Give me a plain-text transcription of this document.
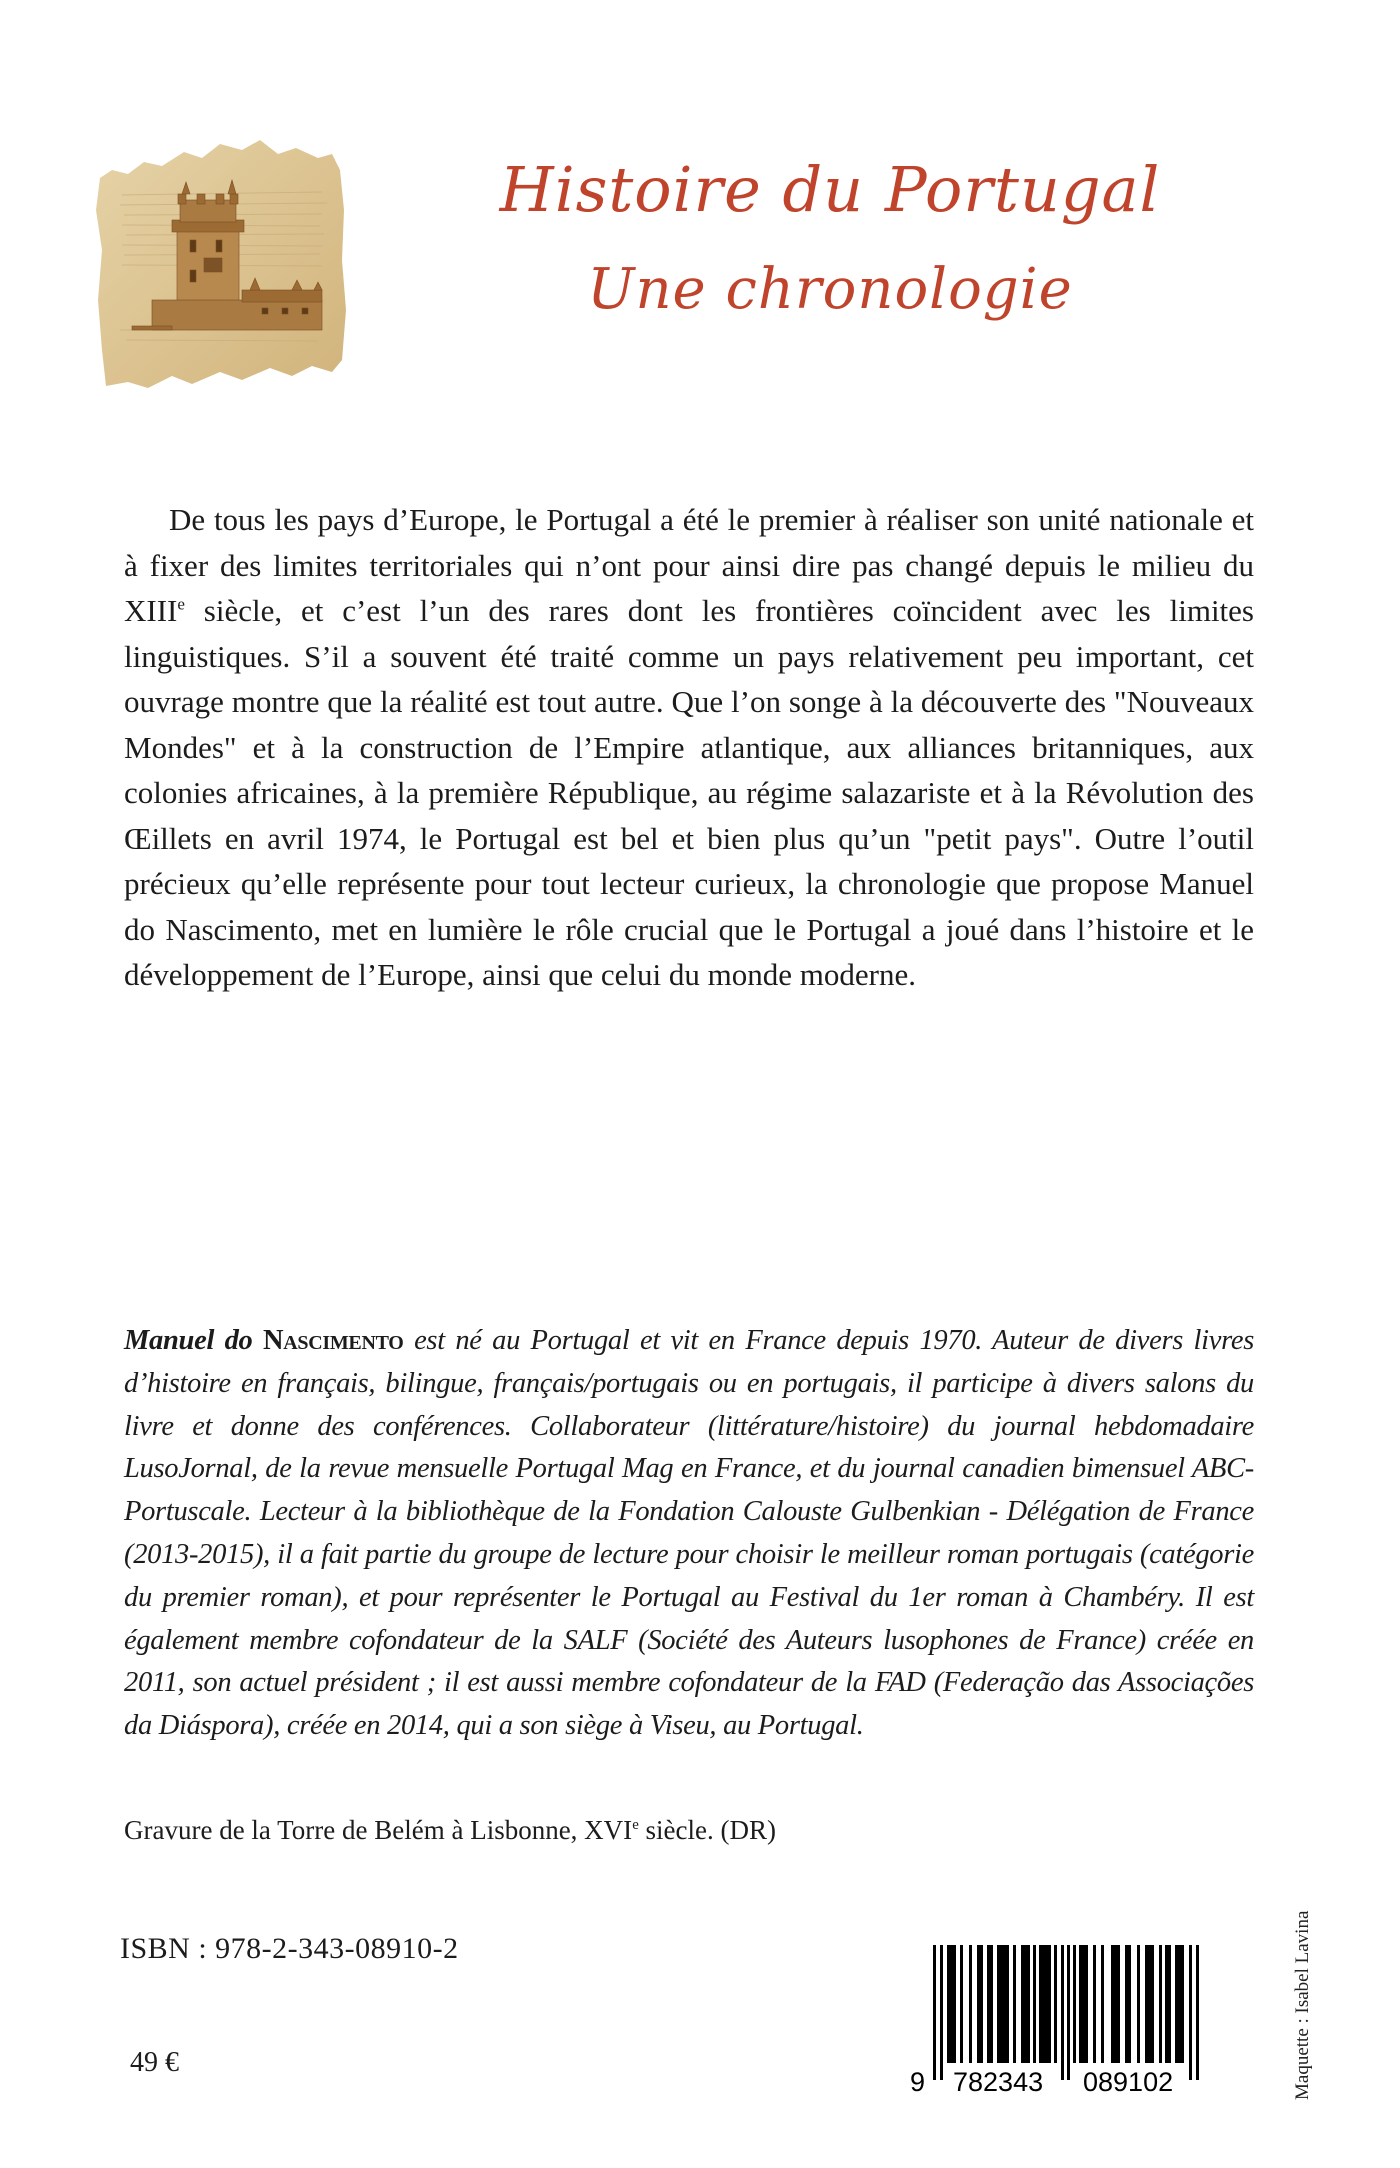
Histoire du Portugal
Une chronologie

De tous les pays d’Europe, le Portugal a été le premier à réaliser son unité nationale et à fixer des limites territoriales qui n’ont pour ainsi dire pas changé depuis le milieu du XIIIe siècle, et c’est l’un des rares dont les frontières coïncident avec les limites linguistiques. S’il a souvent été traité comme un pays relativement peu important, cet ouvrage montre que la réalité est tout autre. Que l’on songe à la découverte des "Nouveaux Mondes" et à la construction de l’Empire atlantique, aux alliances britanniques, aux colonies africaines, à la première République, au régime salazariste et à la Révolution des Œillets en avril 1974, le Portugal est bel et bien plus qu’un "petit pays". Outre l’outil précieux qu’elle représente pour tout lecteur curieux, la chronologie que propose Manuel do Nascimento, met en lumière le rôle crucial que le Portugal a joué dans l’histoire et le développement de l’Europe, ainsi que celui du monde moderne.

Manuel do Nascimento est né au Portugal et vit en France depuis 1970. Auteur de divers livres d’histoire en français, bilingue, français/portugais ou en portugais, il participe à divers salons du livre et donne des conférences. Collaborateur (littérature/histoire) du journal hebdomadaire LusoJornal, de la revue mensuelle Portugal Mag en France, et du journal canadien bimensuel ABC-Portuscale. Lecteur à la bibliothèque de la Fondation Calouste Gulbenkian - Délégation de France (2013-2015), il a fait partie du groupe de lecture pour choisir le meilleur roman portugais (catégorie du premier roman), et pour représenter le Portugal au Festival du 1er roman à Chambéry. Il est également membre cofondateur de la SALF (Société des Auteurs lusophones de France) créée en 2011, son actuel président ; il est aussi membre cofondateur de la FAD (Federação das Associações da Diáspora), créée en 2014, qui a son siège à Viseu, au Portugal.

Gravure de la Torre de Belém à Lisbonne, XVIe siècle. (DR)
ISBN : 978-2-343-08910-2
49 €
9 782343 089102	Maquette : Isabel Lavina
